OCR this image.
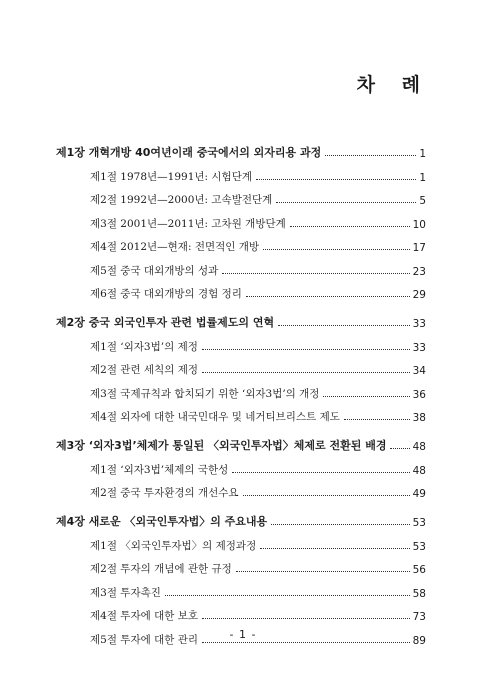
차 례
제1장 개혁개방 40여년이래 중국에서의 외자리용 과정	1
제1절 1978년—1991년: 시험단계	1
제2절 1992년—2000년: 고속발전단계	5
제3절 2001년—2011년: 고차원 개방단계	10
제4절 2012년—현재: 전면적인 개방	17
제5절 중국 대외개방의 성과	23
제6절 중국 대외개방의 경험 정리	29
제2장 중국 외국인투자 관련 법률제도의 연혁	33
제1절 ‘외자3법’의 제정	33
제2절 관련 세칙의 제정	34
제3절 국제규칙과 합치되기 위한 ‘외자3법’의 개정	36
제4절 외자에 대한 내국민대우 및 네거티브리스트 제도	38
제3장 ‘외자3법’체제가 통일된 〈외국인투자법〉체제로 전환된 배경 48
제1절 ‘외자3법’체제의 국한성	48
제2절 중국 투자환경의 개선수요	49
제4장 새로운 〈외국인투자법〉의 주요내용	53
제1절 〈외국인투자법〉의 제정과정	53
제2절 투자의 개념에 관한 규정	56
제3절 투자촉진	58
제4절 투자에 대한 보호	73
제5절 투자에 대한 관리	89
- 1 -
